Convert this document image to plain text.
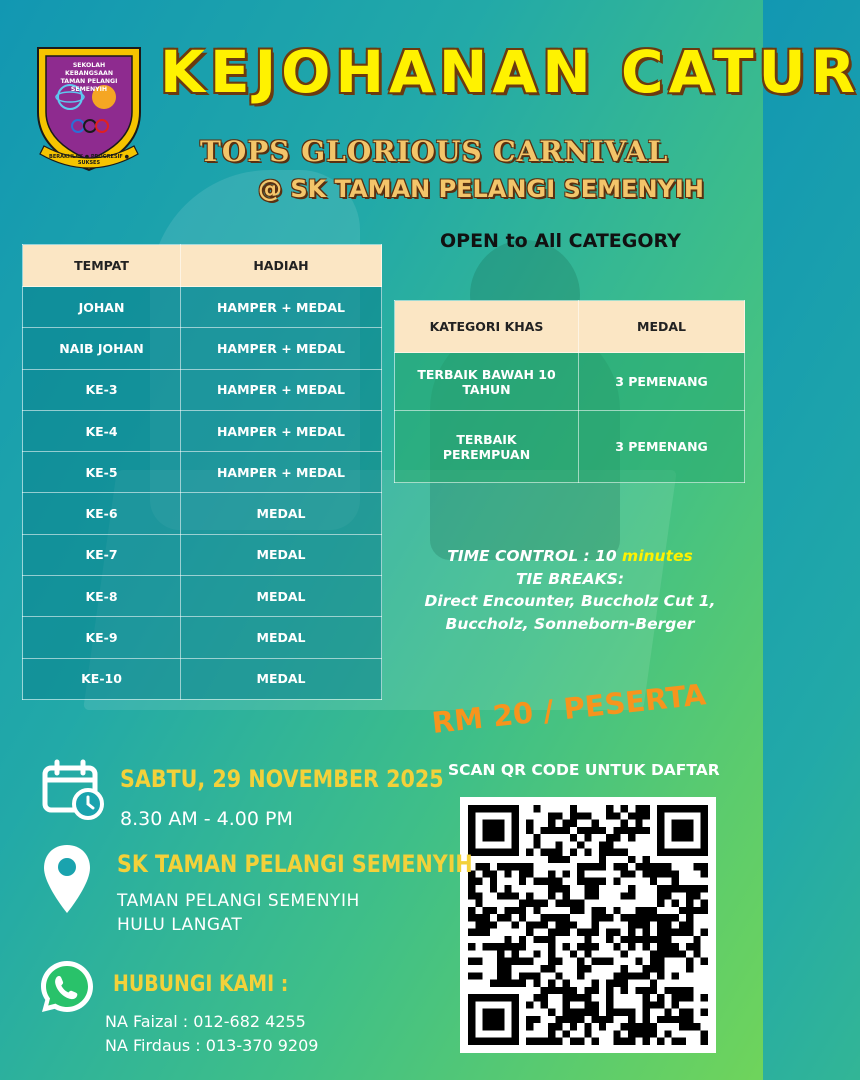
SEKOLAH KEBANGSAAN TAMAN PELANGI SEMENYIH
BERAKHLAK ● PROGRESIF ● SUKSES
KEJOHANAN CATUR
TOPS GLORIOUS CARNIVAL
@ SK TAMAN PELANGI SEMENYIH
OPEN to All CATEGORY
TEMPAT	HADIAH
JOHAN	HAMPER + MEDAL
NAIB JOHAN	HAMPER + MEDAL
KE-3	HAMPER + MEDAL
KE-4	HAMPER + MEDAL
KE-5	HAMPER + MEDAL
KE-6	MEDAL
KE-7	MEDAL
KE-8	MEDAL
KE-9	MEDAL
KE-10	MEDAL
KATEGORI KHAS	MEDAL
TERBAIK BAWAH 10 TAHUN	3 PEMENANG
TERBAIK PEREMPUAN	3 PEMENANG
TIME CONTROL : 10 minutes
TIE BREAKS:
Direct Encounter, Buccholz Cut 1,
Buccholz, Sonneborn-Berger
RM 20 / PESERTA
SCAN QR CODE UNTUK DAFTAR
SABTU, 29 NOVEMBER 2025
8.30 AM - 4.00 PM
SK TAMAN PELANGI SEMENYIH
TAMAN PELANGI SEMENYIH
HULU LANGAT
HUBUNGI KAMI :
NA Faizal : 012-682 4255
NA Firdaus : 013-370 9209
